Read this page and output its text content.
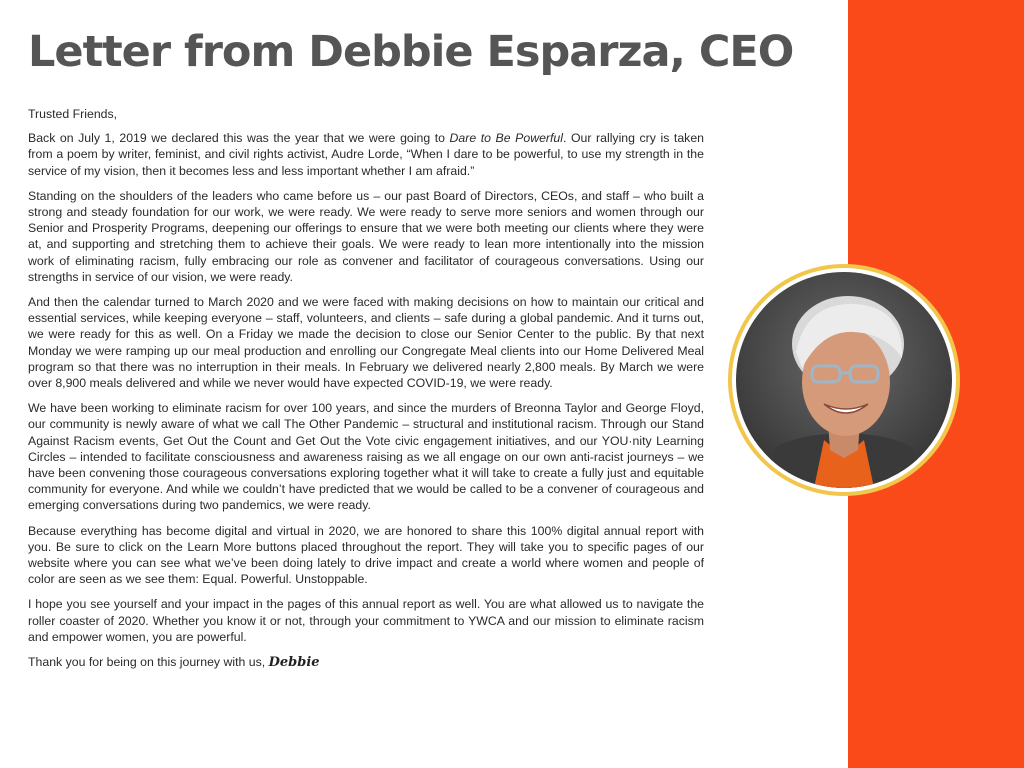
Letter from Debbie Esparza, CEO

Trusted Friends,

Back on July 1, 2019 we declared this was the year that we were going to Dare to Be Powerful. Our rallying cry is taken from a poem by writer, feminist, and civil rights activist, Audre Lorde, “When I dare to be powerful, to use my strength in the service of my vision, then it becomes less and less important whether I am afraid.”

Standing on the shoulders of the leaders who came before us – our past Board of Directors, CEOs, and staff – who built a strong and steady foundation for our work, we were ready. We were ready to serve more seniors and women through our Senior and Prosperity Programs, deepening our offerings to ensure that we were both meeting our clients where they were at, and supporting and stretching them to achieve their goals. We were ready to lean more intentionally into the mission work of eliminating racism, fully embracing our role as convener and facilitator of courageous conversations. Using our strengths in service of our vision, we were ready.

And then the calendar turned to March 2020 and we were faced with making decisions on how to maintain our critical and essential services, while keeping everyone – staff, volunteers, and clients – safe during a global pandemic. And it turns out, we were ready for this as well. On a Friday we made the decision to close our Senior Center to the public. By that next Monday we were ramping up our meal production and enrolling our Congregate Meal clients into our Home Delivered Meal program so that there was no interruption in their meals. In February we delivered nearly 2,800 meals. By March we were over 8,900 meals delivered and while we never would have expected COVID-19, we were ready.

We have been working to eliminate racism for over 100 years, and since the murders of Breonna Taylor and George Floyd, our community is newly aware of what we call The Other Pandemic – structural and institutional racism. Through our Stand Against Racism events, Get Out the Count and Get Out the Vote civic engagement initiatives, and our YOU·nity Learning Circles – intended to facilitate consciousness and awareness raising as we all engage on our own anti-racist journeys – we have been convening those courageous conversations exploring together what it will take to create a fully just and equitable community for everyone. And while we couldn’t have predicted that we would be called to be a convener of courageous and emerging conversations during two pandemics, we were ready.

Because everything has become digital and virtual in 2020, we are honored to share this 100% digital annual report with you. Be sure to click on the Learn More buttons placed throughout the report. They will take you to specific pages of our website where you can see what we’ve been doing lately to drive impact and create a world where women and people of color are seen as we see them: Equal. Powerful. Unstoppable.

I hope you see yourself and your impact in the pages of this annual report as well. You are what allowed us to navigate the roller coaster of 2020. Whether you know it or not, through your commitment to YWCA and our mission to eliminate racism and empower women, you are powerful.

Thank you for being on this journey with us, Debbie
